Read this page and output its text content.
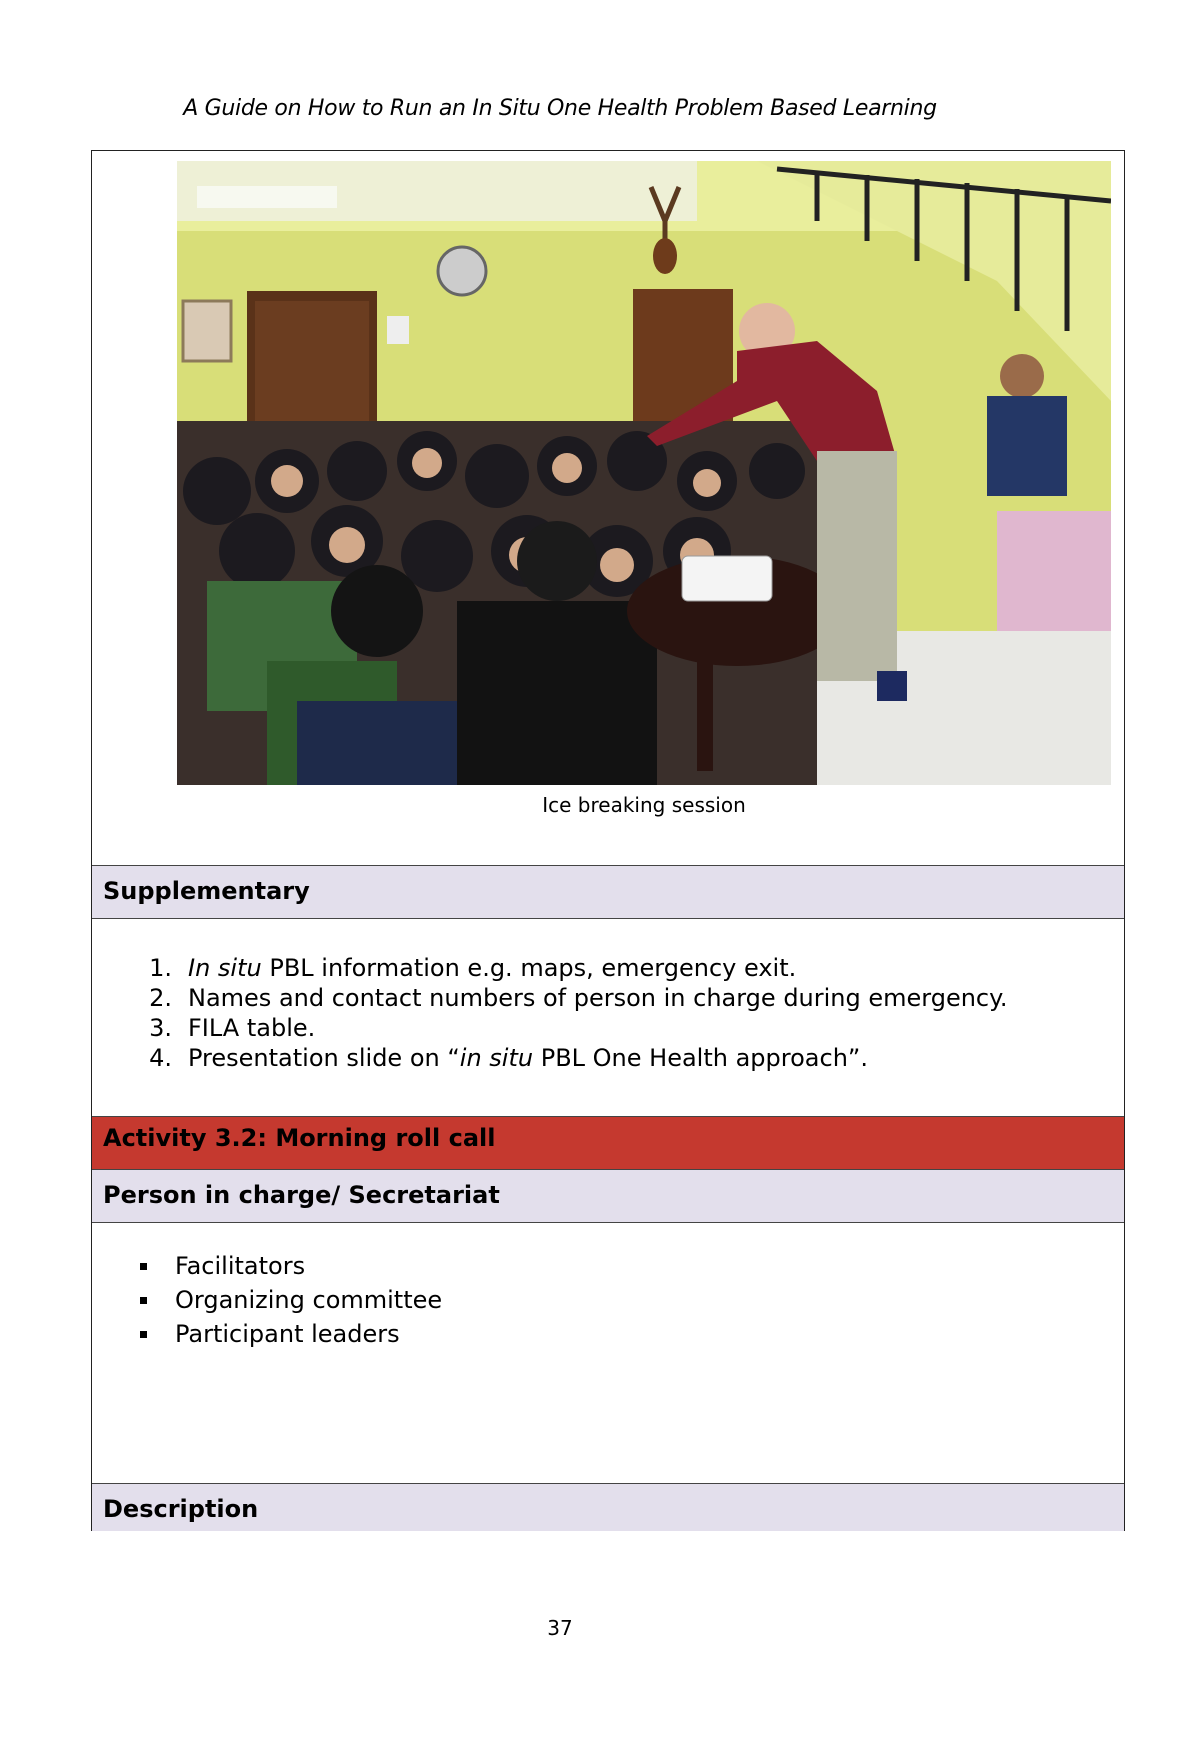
A Guide on How to Run an In Situ One Health Problem Based Learning
Ice breaking session
Supplementary
1. In situ PBL information e.g. maps, emergency exit.
2. Names and contact numbers of person in charge during emergency.
3. FILA table.
4. Presentation slide on “in situ PBL One Health approach”.
Activity 3.2: Morning roll call
Person in charge/ Secretariat
Facilitators
Organizing committee
Participant leaders
Description
37
